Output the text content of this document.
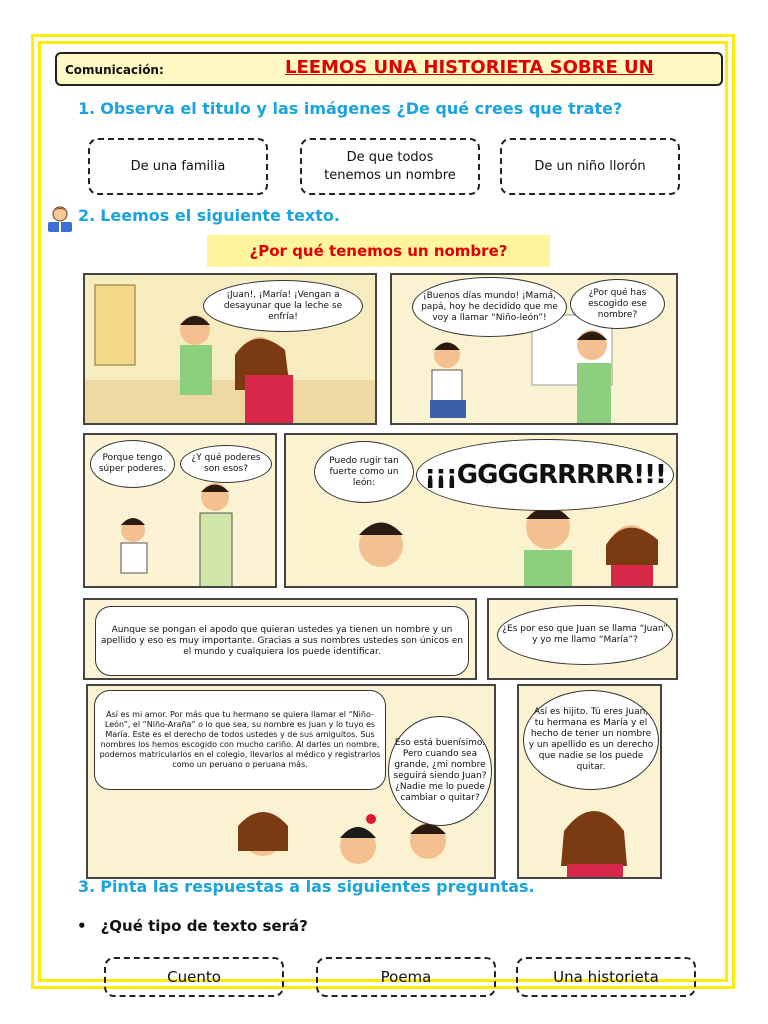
Comunicación:	LEEMOS UNA HISTORIETA SOBRE UN
1. Observa el titulo y las imágenes ¿De qué crees que trate?
De una familia
De que todos
tenemos un nombre
De un niño llorón
2. Leemos el siguiente texto.
¿Por qué tenemos un nombre?
¡Juan!, ¡María! ¡Vengan a desayunar que la leche se enfría!
¡Buenos días mundo! ¡Mamá, papá, hoy he decidido que me voy a llamar “Niño-león”!
¿Por qué has escogido ese nombre?
Porque tengo súper poderes.
¿Y qué poderes son esos?
Puedo rugir tan fuerte como un león:	¡¡¡GGGGRRRRR!!!
Aunque se pongan el apodo que quieran ustedes ya tienen un nombre y un apellido y eso es muy importante. Gracias a sus nombres ustedes son únicos en el mundo y cualquiera los puede identificar.
¿Es por eso que Juan se llama “Juan” y yo me llamo “María”?
Así es mi amor. Por más que tu hermano se quiera llamar el “Niño-León”, el “Niño-Araña” o lo que sea, su nombre es Juan y lo tuyo es María. Este es el derecho de todos ustedes y de sus amiguitos. Sus nombres los hemos escogido con mucho cariño. Al darles un nombre, podemos matricularlos en el colegio, llevarlos al médico y registrarlos como un peruano o peruana más.
Eso está buenísimo. Pero cuando sea grande, ¿mi nombre seguirá siendo Juan? ¿Nadie me lo puede cambiar o quitar?
Así es hijito. Tú eres Juan, tu hermana es María y el hecho de tener un nombre y un apellido es un derecho que nadie se los puede quitar.
3. Pinta las respuestas a las siguientes preguntas.
• ¿Qué tipo de texto será?
Cuento	Poema	Una historieta
